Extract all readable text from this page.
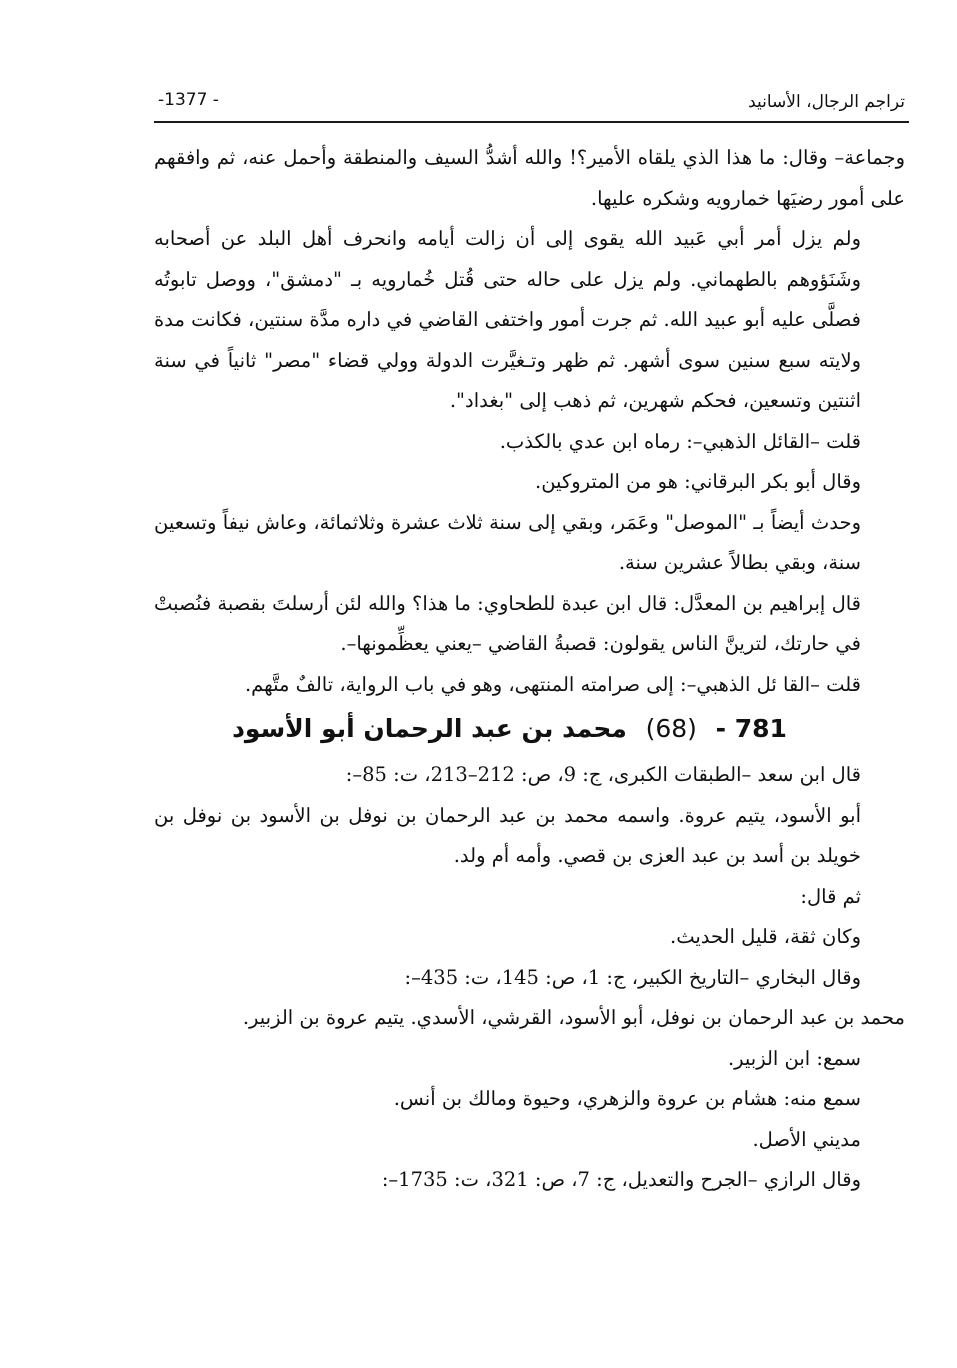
تراجم الرجال، الأسانيد
-1377 -

وجماعة– وقال: ما هذا الذي يلقاه الأمير؟! والله أشدُّ السيف والمنطقة وأحمل عنه، ثم وافقهم على أمور رضيَها خمارويه وشكره عليها.

ولم يزل أمر أبي عَبيد الله يقوى إلى أن زالت أيامه وانحرف أهل البلد عن أصحابه وشَنَؤوهم بالطهماني. ولم يزل على حاله حتى قُتل خُمارويه بـ "دمشق"، ووصل تابوتُه فصلَّى عليه أبو عبيد الله. ثم جرت أمور واختفى القاضي في داره مدَّة سنتين، فكانت مدة ولايته سبع سنين سوى أشهر. ثم ظهر وتـغيَّرت الدولة وولي قضاء "مصر" ثانياً في سنة اثنتين وتسعين، فحكم شهرين، ثم ذهب إلى "بغداد".

قلت –القائل الذهبي–: رماه ابن عدي بالكذب.

وقال أبو بكر البرقاني: هو من المتروكين.

وحدث أيضاً بـ "الموصل" وعَمَر، وبقي إلى سنة ثلاث عشرة وثلاثمائة، وعاش نيفاً وتسعين سنة، وبقي بطالاً عشرين سنة.

قال إبراهيم بن المعدَّل: قال ابن عبدة للطحاوي: ما هذا؟ والله لئن أرسلتَ بقصبة فنُصبتْ في حارتك، لترينَّ الناس يقولون: قصبةُ القاضي –يعني يعظِّمونها–.

قلت –القا ئل الذهبي–: إلى صرامته المنتهى، وهو في باب الرواية، تالفٌ متَّهم.

781 - (68) محمد بن عبد الرحمان أبو الأسود

قال ابن سعد –الطبقات الكبرى، ج: 9، ص: 212–213، ت: 85–:

أبو الأسود، يتيم عروة. واسمه محمد بن عبد الرحمان بن نوفل بن الأسود بن نوفل بن خويلد بن أسد بن عبد العزى بن قصي. وأمه أم ولد.

ثم قال:

وكان ثقة، قليل الحديث.

وقال البخاري –التاريخ الكبير، ج: 1، ص: 145، ت: 435–:

محمد بن عبد الرحمان بن نوفل، أبو الأسود، القرشي، الأسدي. يتيم عروة بن الزبير.

سمع: ابن الزبير.

سمع منه: هشام بن عروة والزهري، وحيوة ومالك بن أنس.

مديني الأصل.

وقال الرازي –الجرح والتعديل، ج: 7، ص: 321، ت: 1735–:
